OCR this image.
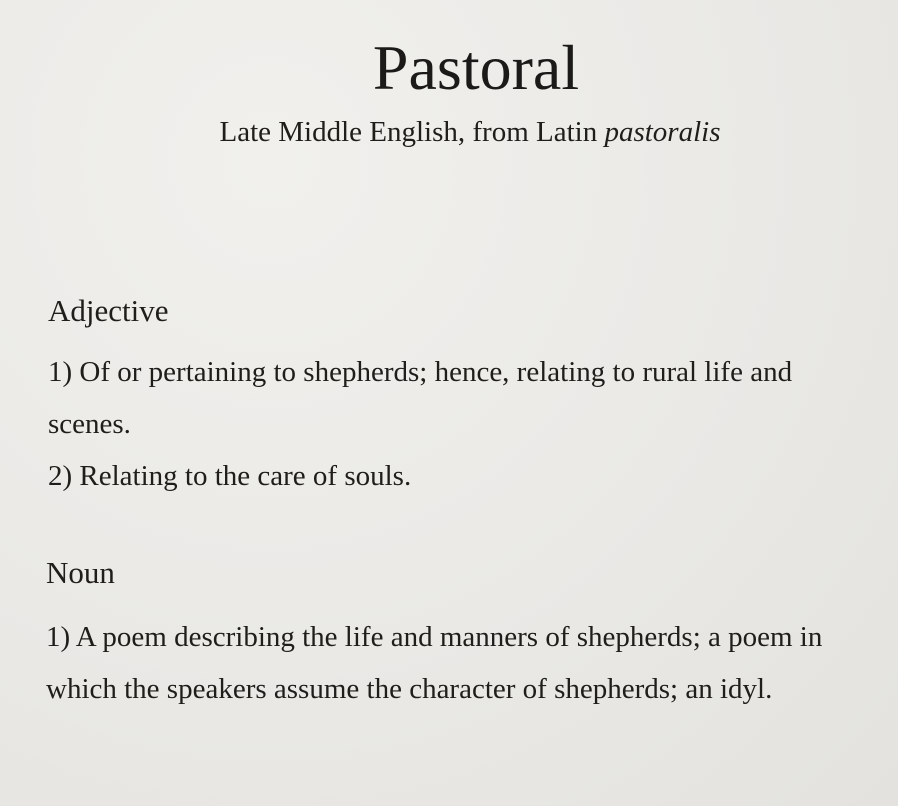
Pastoral
Late Middle English, from Latin pastoralis
Adjective
1) Of or pertaining to shepherds; hence, relating to rural life and scenes.
2) Relating to the care of souls.
Noun
1) A poem describing the life and manners of shepherds; a poem in which the speakers assume the character of shepherds; an idyl.
